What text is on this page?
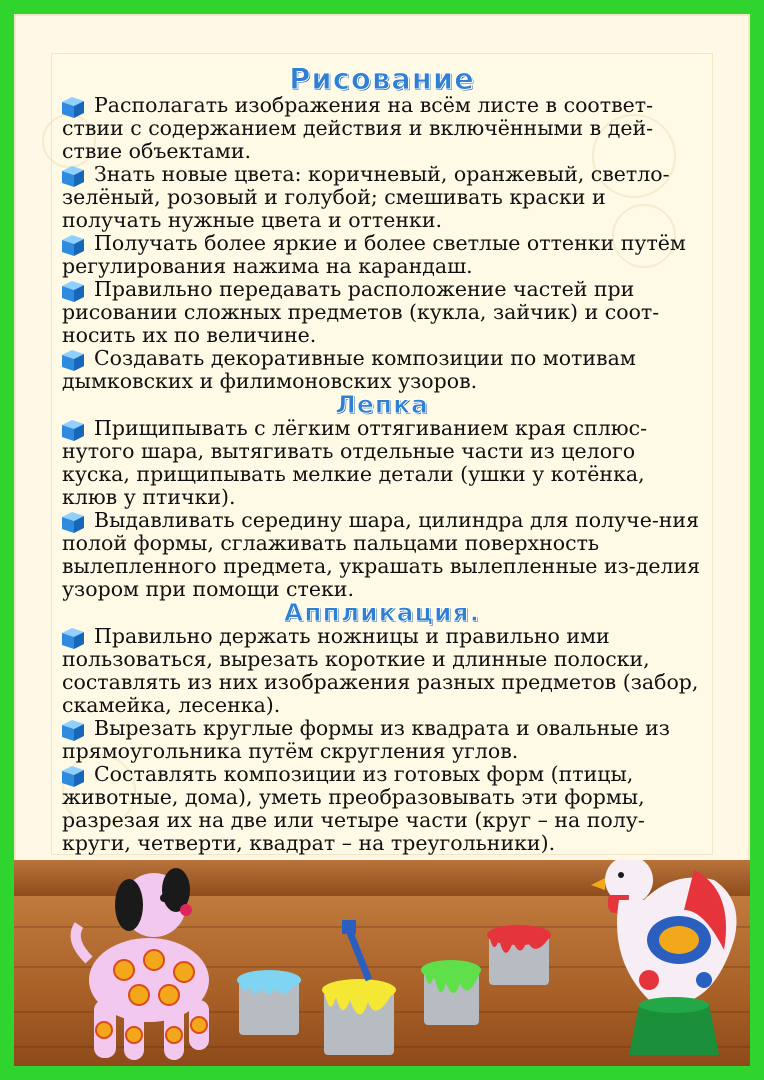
Рисование

Располагать изображения на всём листе в соответ-ствии с содержанием действия и включёнными в дей-ствие объектами.

Знать новые цвета: коричневый, оранжевый, светло-зелёный, розовый и голубой; смешивать краски и получать нужные цвета и оттенки.

Получать более яркие и более светлые оттенки путём регулирования нажима на карандаш.

Правильно передавать расположение частей при рисовании сложных предметов (кукла, зайчик) и соот-носить их по величине.

Создавать декоративные композиции по мотивам дымковских и филимоновских узоров.

Лепка

Прищипывать с лёгким оттягиванием края сплюс-нутого шара, вытягивать отдельные части из целого куска, прищипывать мелкие детали (ушки у котёнка, клюв у птички).

Выдавливать середину шара, цилиндра для получе-ния полой формы, сглаживать пальцами поверхность вылепленного предмета, украшать вылепленные из-делия узором при помощи стеки.

Аппликация.

Правильно держать ножницы и правильно ими пользоваться, вырезать короткие и длинные полоски, составлять из них изображения разных предметов (забор, скамейка, лесенка).

Вырезать круглые формы из квадрата и овальные из прямоугольника путём скругления углов.

Составлять композиции из готовых форм (птицы, животные, дома), уметь преобразовывать эти формы, разрезая их на две или четыре части (круг – на полу-круги, четверти, квадрат – на треугольники).
